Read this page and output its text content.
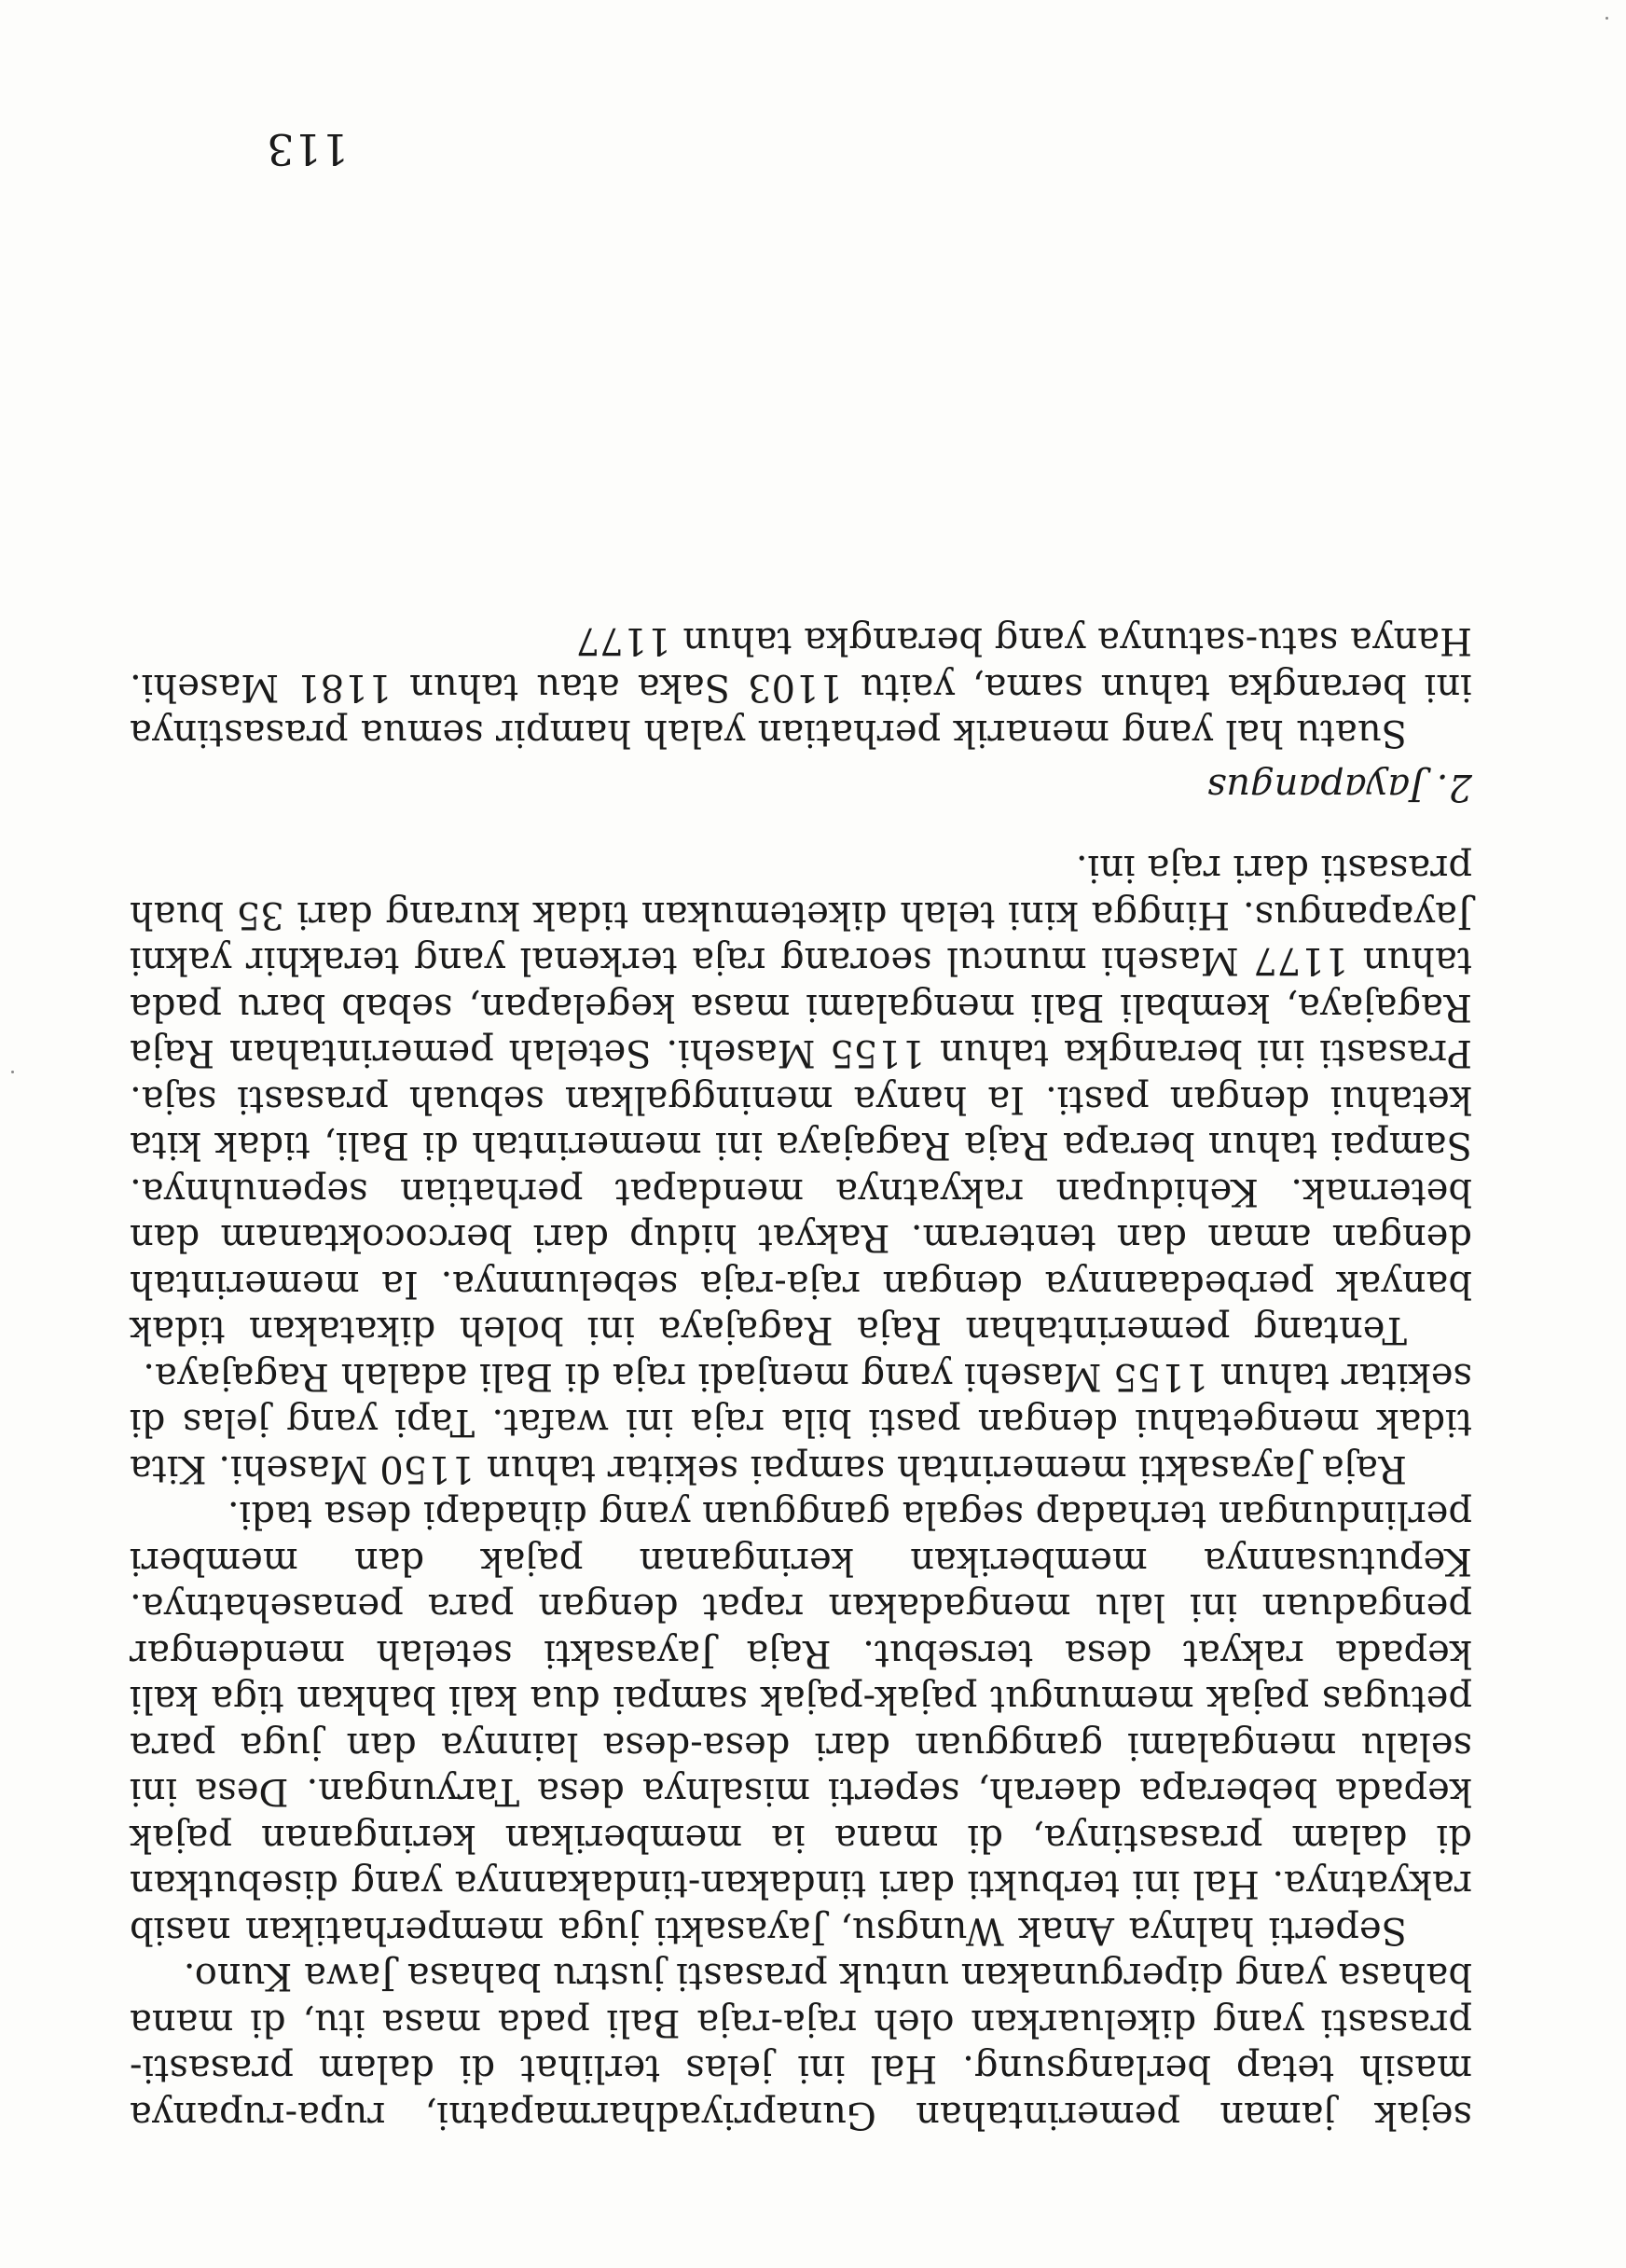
sejak jaman pemerintahan Gunapriyadharmapatni, rupa-rupanya masih tetap berlangsung. Hal ini jelas terlihat di dalam prasasti-prasasti yang dikeluarkan oleh raja-raja Bali pada masa itu, di mana bahasa yang dipergunakan untuk prasasti justru bahasa Jawa Kuno.

Seperti halnya Anak Wungsu, Jayasakti juga memperhatikan nasib rakyatnya. Hal ini terbukti dari tindakan-tindakannya yang disebutkan di dalam prasastinya, di mana ia memberikan keringanan pajak kepada beberapa daerah, seperti misalnya desa Taryungan. Desa ini selalu mengalami gangguan dari desa-desa lainnya dan juga para petugas pajak memungut pajak-pajak sampai dua kali bahkan tiga kali kepada rakyat desa tersebut. Raja Jayasakti setelah mendengar pengaduan ini lalu mengadakan rapat dengan para penasehatnya. Keputusannya memberikan keringanan pajak dan memberi perlindungan terhadap segala gangguan yang dihadapi desa tadi.

Raja Jayasakti memerintah sampai sekitar tahun 1150 Masehi. Kita tidak mengetahui dengan pasti bila raja ini wafat. Tapi yang jelas di sekitar tahun 1155 Masehi yang menjadi raja di Bali adalah Ragajaya.

Tentang pemerintahan Raja Ragajaya ini boleh dikatakan tidak banyak perbedaannya dengan raja-raja sebelumnya. Ia memerintah dengan aman dan tenteram. Rakyat hidup dari bercocoktanam dan beternak. Kehidupan rakyatnya mendapat perhatian sepenuhnya. Sampai tahun berapa Raja Ragajaya ini memerintah di Bali, tidak kita ketahui dengan pasti. Ia hanya meninggalkan sebuah prasasti saja. Prasasti ini berangka tahun 1155 Masehi. Setelah pemerintahan Raja Ragajaya, kembali Bali mengalami masa kegelapan, sebab baru pada tahun 1177 Masehi muncul seorang raja terkenal yang terakhir yakni Jayapangus. Hingga kini telah diketemukan tidak kurang dari 35 buah prasasti dari raja ini.

2. Jayapangus

Suatu hal yang menarik perhatian yalah hampir semua prasastinya ini berangka tahun sama, yaitu 1103 Saka atau tahun 1181 Masehi. Hanya satu-satunya yang berangka tahun 1177

113
